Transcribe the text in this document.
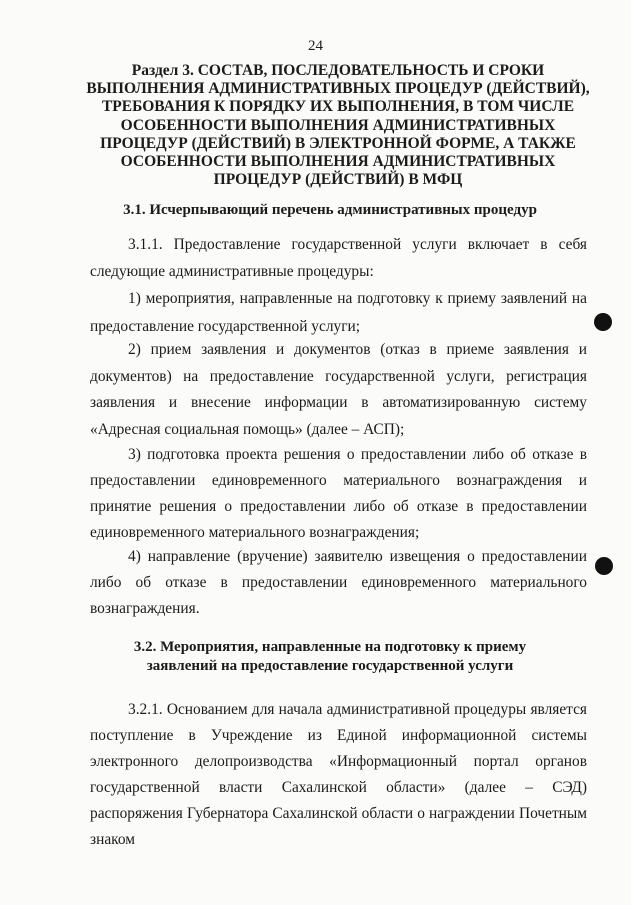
24
Раздел 3. СОСТАВ, ПОСЛЕДОВАТЕЛЬНОСТЬ И СРОКИ ВЫПОЛНЕНИЯ АДМИНИСТРАТИВНЫХ ПРОЦЕДУР (ДЕЙСТВИЙ), ТРЕБОВАНИЯ К ПОРЯДКУ ИХ ВЫПОЛНЕНИЯ, В ТОМ ЧИСЛЕ ОСОБЕННОСТИ ВЫПОЛНЕНИЯ АДМИНИСТРАТИВНЫХ ПРОЦЕДУР (ДЕЙСТВИЙ) В ЭЛЕКТРОННОЙ ФОРМЕ, А ТАКЖЕ ОСОБЕННОСТИ ВЫПОЛНЕНИЯ АДМИНИСТРАТИВНЫХ ПРОЦЕДУР (ДЕЙСТВИЙ) В МФЦ
3.1. Исчерпывающий перечень административных процедур
3.1.1. Предоставление государственной услуги включает в себя следующие административные процедуры:
1) мероприятия, направленные на подготовку к приему заявлений на предоставление государственной услуги;
2) прием заявления и документов (отказ в приеме заявления и документов) на предоставление государственной услуги, регистрация заявления и внесение информации в автоматизированную систему «Адресная социальная помощь» (далее – АСП);
3) подготовка проекта решения о предоставлении либо об отказе в предоставлении единовременного материального вознаграждения и принятие решения о предоставлении либо об отказе в предоставлении единовременного материального вознаграждения;
4) направление (вручение) заявителю извещения о предоставлении либо об отказе в предоставлении единовременного материального вознаграждения.
3.2. Мероприятия, направленные на подготовку к приему заявлений на предоставление государственной услуги
3.2.1. Основанием для начала административной процедуры является поступление в Учреждение из Единой информационной системы электронного делопроизводства «Информационный портал органов государственной власти Сахалинской области» (далее – СЭД) распоряжения Губернатора Сахалинской области о награждении Почетным знаком
